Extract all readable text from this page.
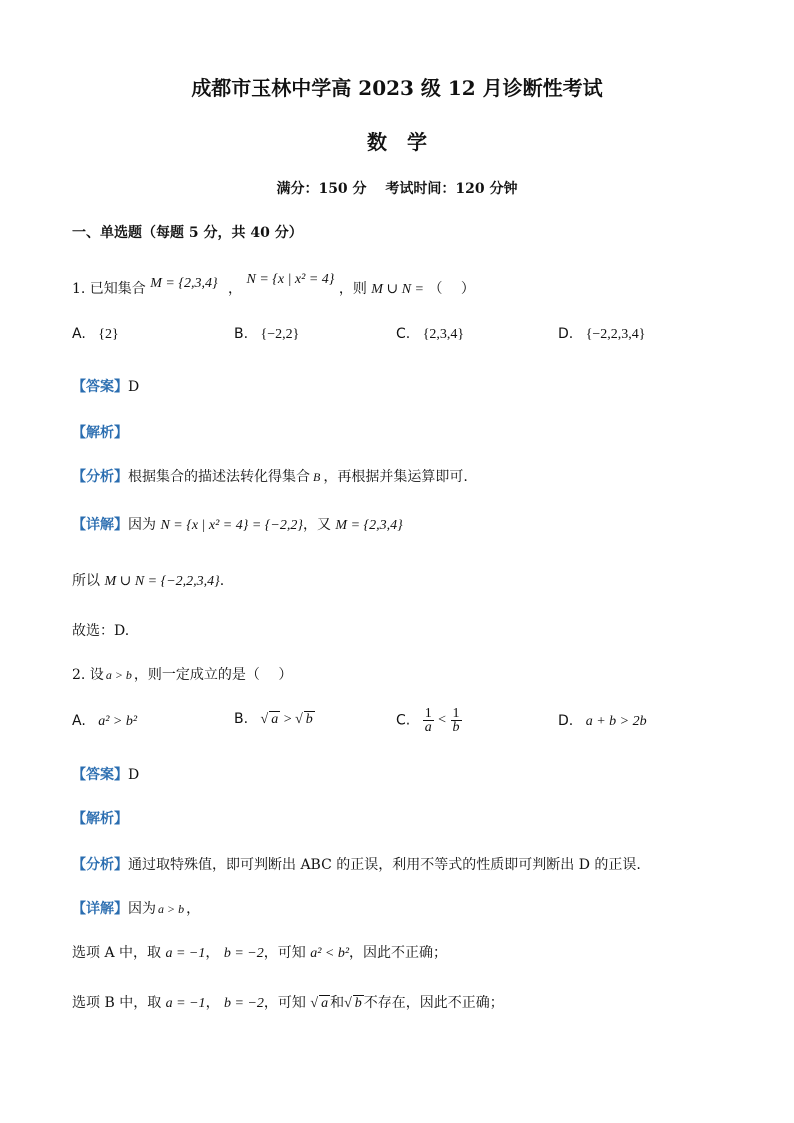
成都市玉林中学高 2023 级 12 月诊断性考试
数　学
满分：150 分　 考试时间：120 分钟
一、单选题（每题 5 分，共 40 分）
1. 已知集合 M = {2,3,4} ， N = {x | x² = 4} ，则 M ∪ N = （　 ）
A. {2}	B. {−2,2}	C. {2,3,4}	D. {−2,2,3,4}
【答案】D
【解析】
【分析】根据集合的描述法转化得集合 B ，再根据并集运算即可.
【详解】因为 N = {x | x² = 4} = {−2,2}，又 M = {2,3,4}
所以 M ∪ N = {−2,2,3,4}.
故选：D.
2. 设 a > b ，则一定成立的是（　 ）
A. a² > b²	B. √ a > √ b	C. $\frac{1}{a} < \frac{1}{b}$	D. a + b > 2b
【答案】D
【解析】
【分析】通过取特殊值，即可判断出 ABC 的正误，利用不等式的性质即可判断出 D 的正误.
【详解】因为 a > b ，
选项 A 中，取 a = −1， b = −2，可知 a² < b²，因此不正确；
选项 B 中，取 a = −1， b = −2，可知 √ a 和√ b 不存在，因此不正确；
